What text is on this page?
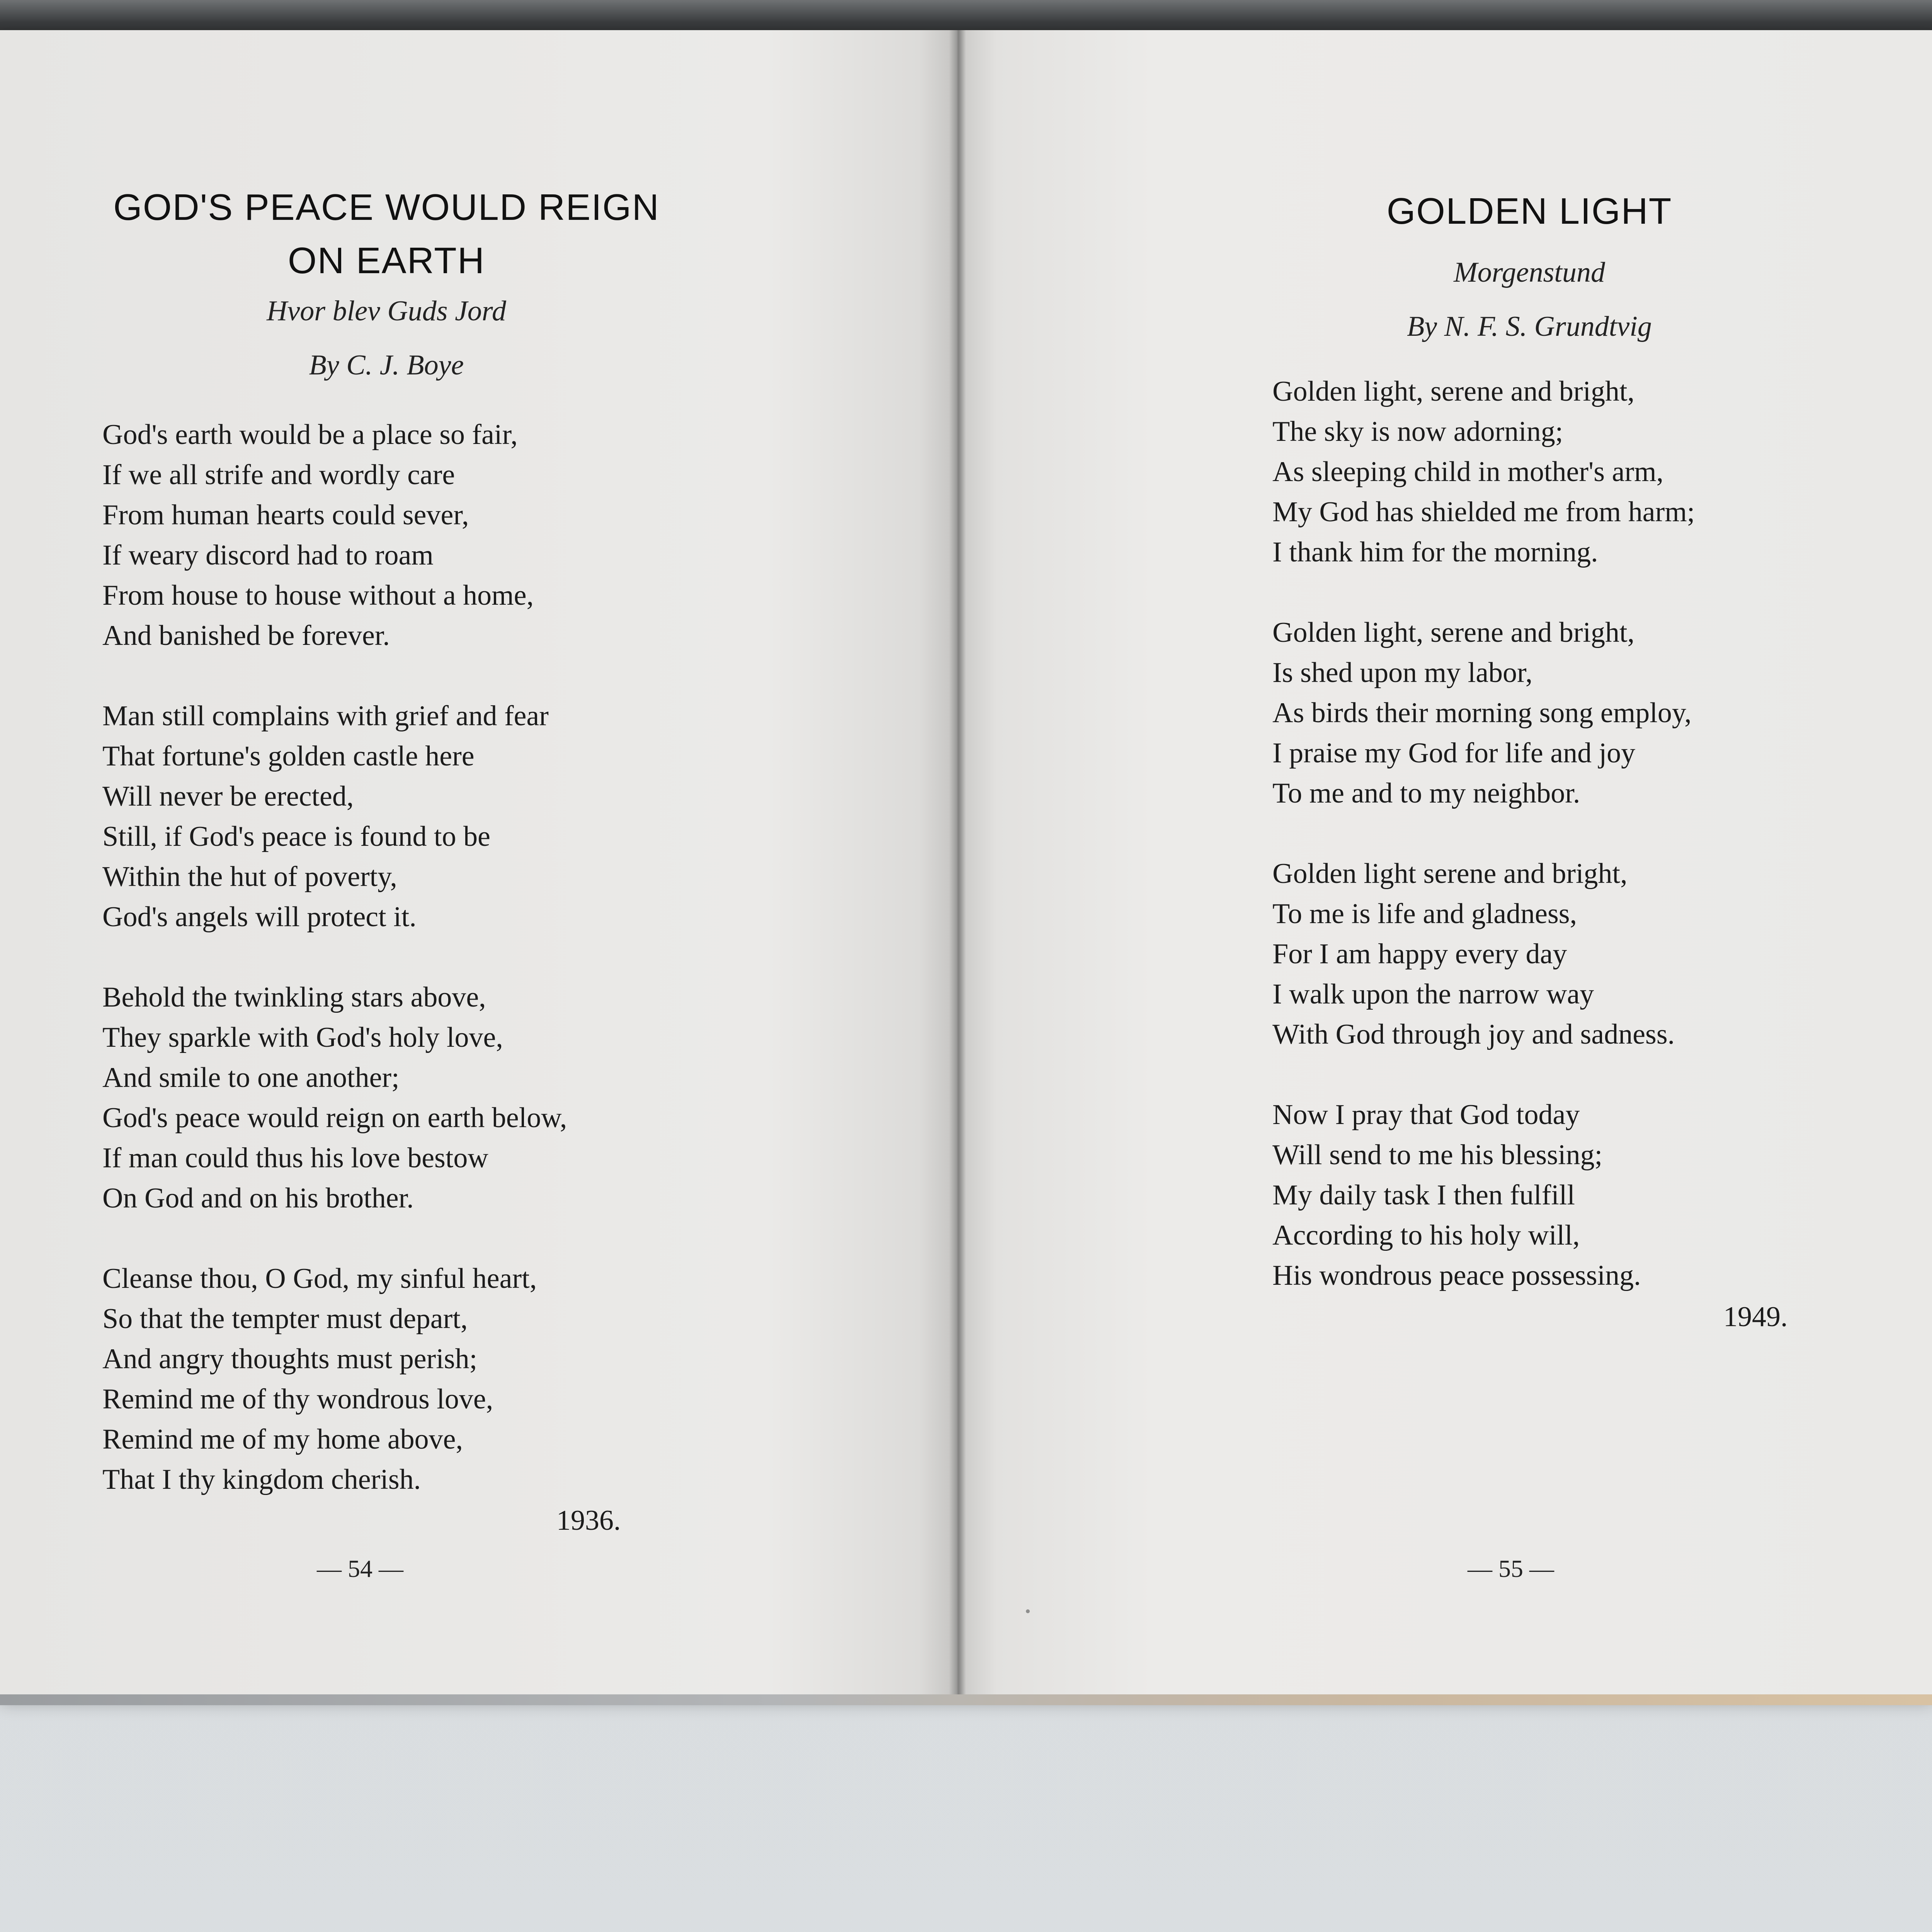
GOD'S PEACE WOULD REIGN
ON EARTH

Hvor blev Guds Jord

By C. J. Boye

God's earth would be a place so fair,
If we all strife and wordly care
From human hearts could sever,
If weary discord had to roam
From house to house without a home,
And banished be forever.
Man still complains with grief and fear
That fortune's golden castle here
Will never be erected,
Still, if God's peace is found to be
Within the hut of poverty,
God's angels will protect it.
Behold the twinkling stars above,
They sparkle with God's holy love,
And smile to one another;
God's peace would reign on earth below,
If man could thus his love bestow
On God and on his brother.
Cleanse thou, O God, my sinful heart,
So that the tempter must depart,
And angry thoughts must perish;
Remind me of thy wondrous love,
Remind me of my home above,
That I thy kingdom cherish.
1936.
— 54 —
GOLDEN LIGHT

Morgenstund

By N. F. S. Grundtvig

Golden light, serene and bright,
The sky is now adorning;
As sleeping child in mother's arm,
My God has shielded me from harm;
I thank him for the morning.
Golden light, serene and bright,
Is shed upon my labor,
As birds their morning song employ,
I praise my God for life and joy
To me and to my neighbor.
Golden light serene and bright,
To me is life and gladness,
For I am happy every day
I walk upon the narrow way
With God through joy and sadness.
Now I pray that God today
Will send to me his blessing;
My daily task I then fulfill
According to his holy will,
His wondrous peace possessing.
1949.
— 55 —
